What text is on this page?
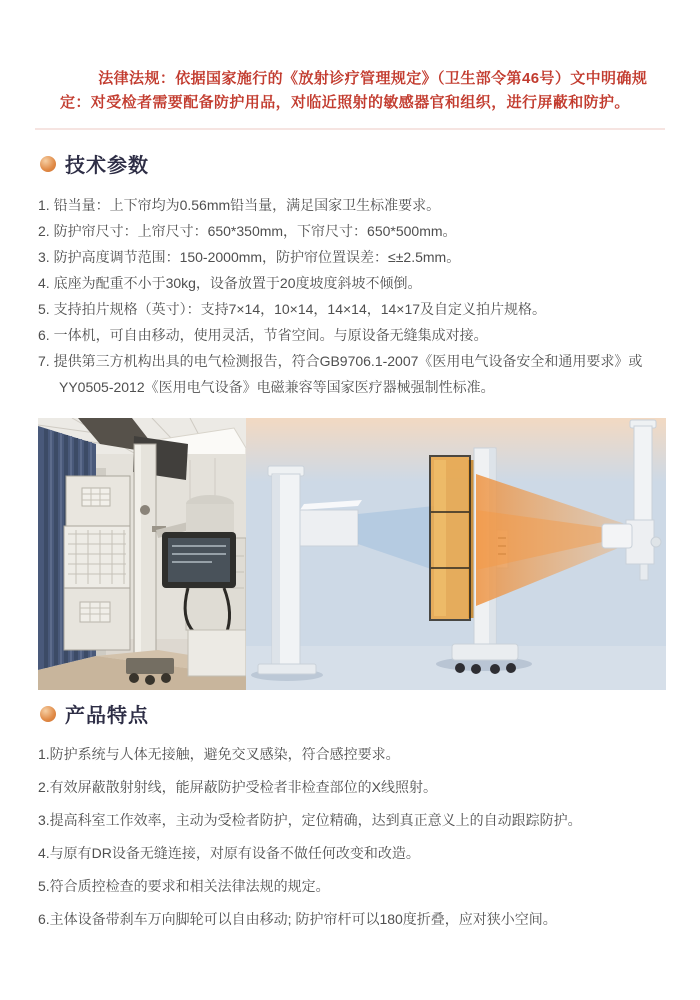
法律法规：依据国家施行的《放射诊疗管理规定》（卫生部令第46号）文中明确规定：对受检者需要配备防护用品，对临近照射的敏感器官和组织，进行屏蔽和防护。

技术参数
1. 铅当量：上下帘均为0.56mm铅当量，满足国家卫生标准要求。
2. 防护帘尺寸：上帘尺寸：650*350mm，下帘尺寸：650*500mm。
3. 防护高度调节范围：150-2000mm，防护帘位置误差：≤±2.5mm。
4. 底座为配重不小于30kg，设备放置于20度坡度斜坡不倾倒。
5. 支持拍片规格（英寸）：支持7×14，10×14，14×14，14×17及自定义拍片规格。
6. 一体机，可自由移动，使用灵活，节省空间。与原设备无缝集成对接。
7. 提供第三方机构出具的电气检测报告，符合GB9706.1-2007《医用电气设备安全和通用要求》或YY0505-2012《医用电气设备》电磁兼容等国家医疗器械强制性标准。
产品特点
1.防护系统与人体无接触，避免交叉感染，符合感控要求。
2.有效屏蔽散射射线，能屏蔽防护受检者非检查部位的X线照射。
3.提高科室工作效率，主动为受检者防护，定位精确，达到真正意义上的自动跟踪防护。
4.与原有DR设备无缝连接，对原有设备不做任何改变和改造。
5.符合质控检查的要求和相关法律法规的规定。
6.主体设备带刹车万向脚轮可以自由移动; 防护帘杆可以180度折叠，应对狭小空间。
